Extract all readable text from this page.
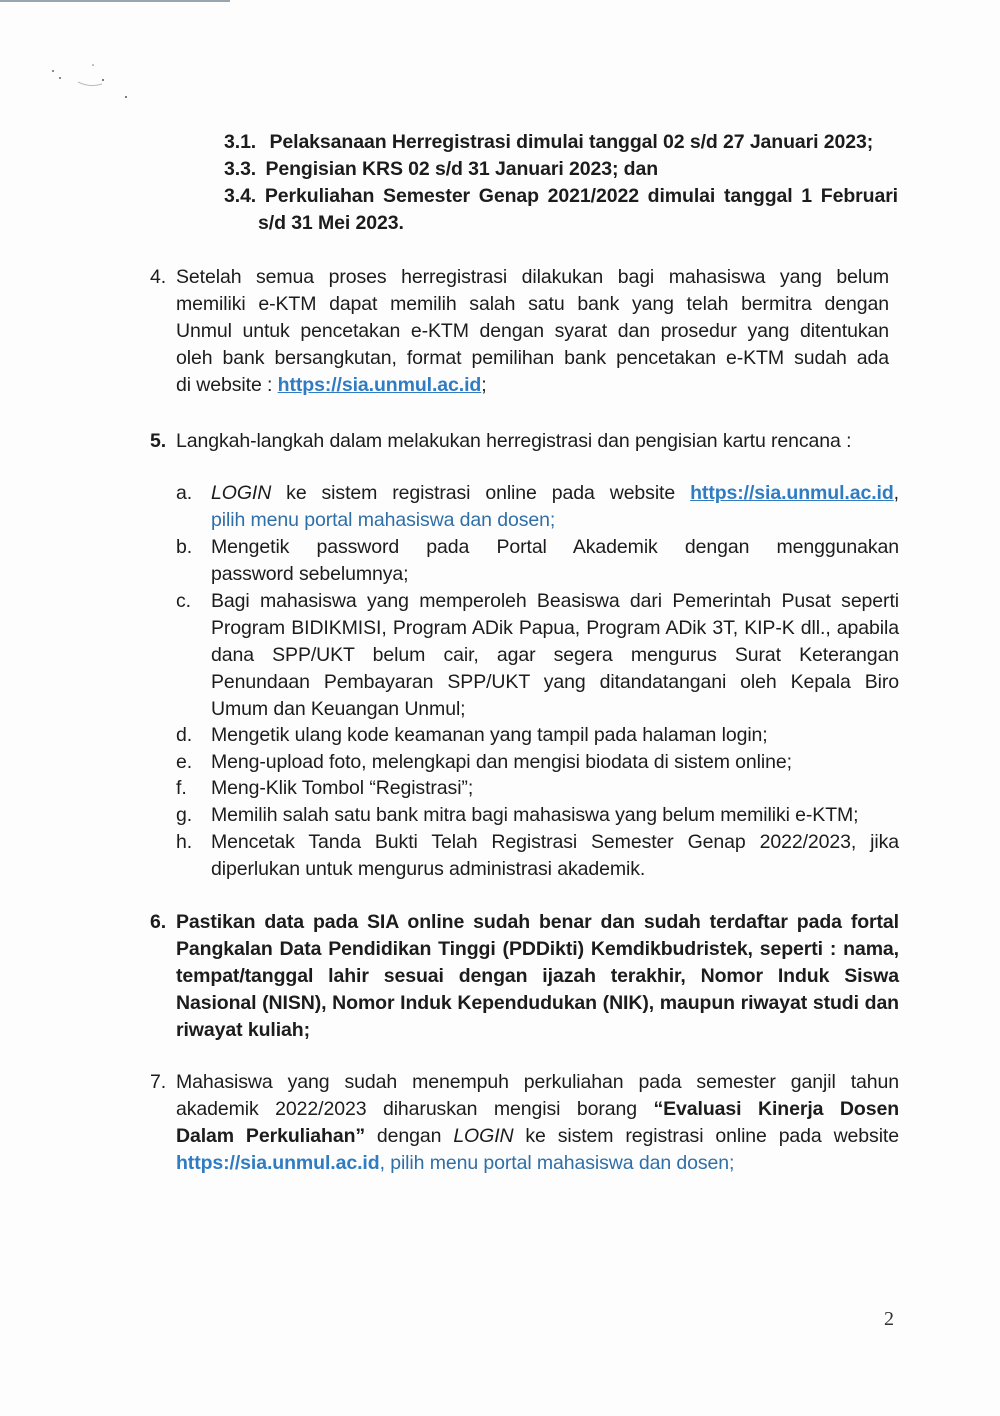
3.1. Pelaksanaan Herregistrasi dimulai tanggal 02 s/d 27 Januari 2023;
3.3. Pengisian KRS 02 s/d 31 Januari 2023; dan
3.4. Perkuliahan Semester Genap 2021/2022 dimulai tanggal 1 Februari
s/d 31 Mei 2023.
4. Setelah semua proses herregistrasi dilakukan bagi mahasiswa yang belum
memiliki e-KTM dapat memilih salah satu bank yang telah bermitra dengan
Unmul untuk pencetakan e-KTM dengan syarat dan prosedur yang ditentukan
oleh bank bersangkutan, format pemilihan bank pencetakan e-KTM sudah ada
di website : https://sia.unmul.ac.id;
5. Langkah-langkah dalam melakukan herregistrasi dan pengisian kartu rencana :
a. LOGIN ke sistem registrasi online pada website https://sia.unmul.ac.id,
pilih menu portal mahasiswa dan dosen;
b. Mengetik password pada Portal Akademik dengan menggunakan
password sebelumnya;
c. Bagi mahasiswa yang memperoleh Beasiswa dari Pemerintah Pusat seperti
Program BIDIKMISI, Program ADik Papua, Program ADik 3T, KIP-K dll., apabila
dana SPP/UKT belum cair, agar segera mengurus Surat Keterangan
Penundaan Pembayaran SPP/UKT yang ditandatangani oleh Kepala Biro
Umum dan Keuangan Unmul;
d. Mengetik ulang kode keamanan yang tampil pada halaman login;
e. Meng-upload foto, melengkapi dan mengisi biodata di sistem online;
f. Meng-Klik Tombol “Registrasi”;
g. Memilih salah satu bank mitra bagi mahasiswa yang belum memiliki e-KTM;
h. Mencetak Tanda Bukti Telah Registrasi Semester Genap 2022/2023, jika
diperlukan untuk mengurus administrasi akademik.
6. Pastikan data pada SIA online sudah benar dan sudah terdaftar pada fortal
Pangkalan Data Pendidikan Tinggi (PDDikti) Kemdikbudristek, seperti : nama,
tempat/tanggal lahir sesuai dengan ijazah terakhir, Nomor Induk Siswa
Nasional (NISN), Nomor Induk Kependudukan (NIK), maupun riwayat studi dan
riwayat kuliah;
7. Mahasiswa yang sudah menempuh perkuliahan pada semester ganjil tahun
akademik 2022/2023 diharuskan mengisi borang “Evaluasi Kinerja Dosen
Dalam Perkuliahan” dengan LOGIN ke sistem registrasi online pada website
https://sia.unmul.ac.id, pilih menu portal mahasiswa dan dosen;
2
